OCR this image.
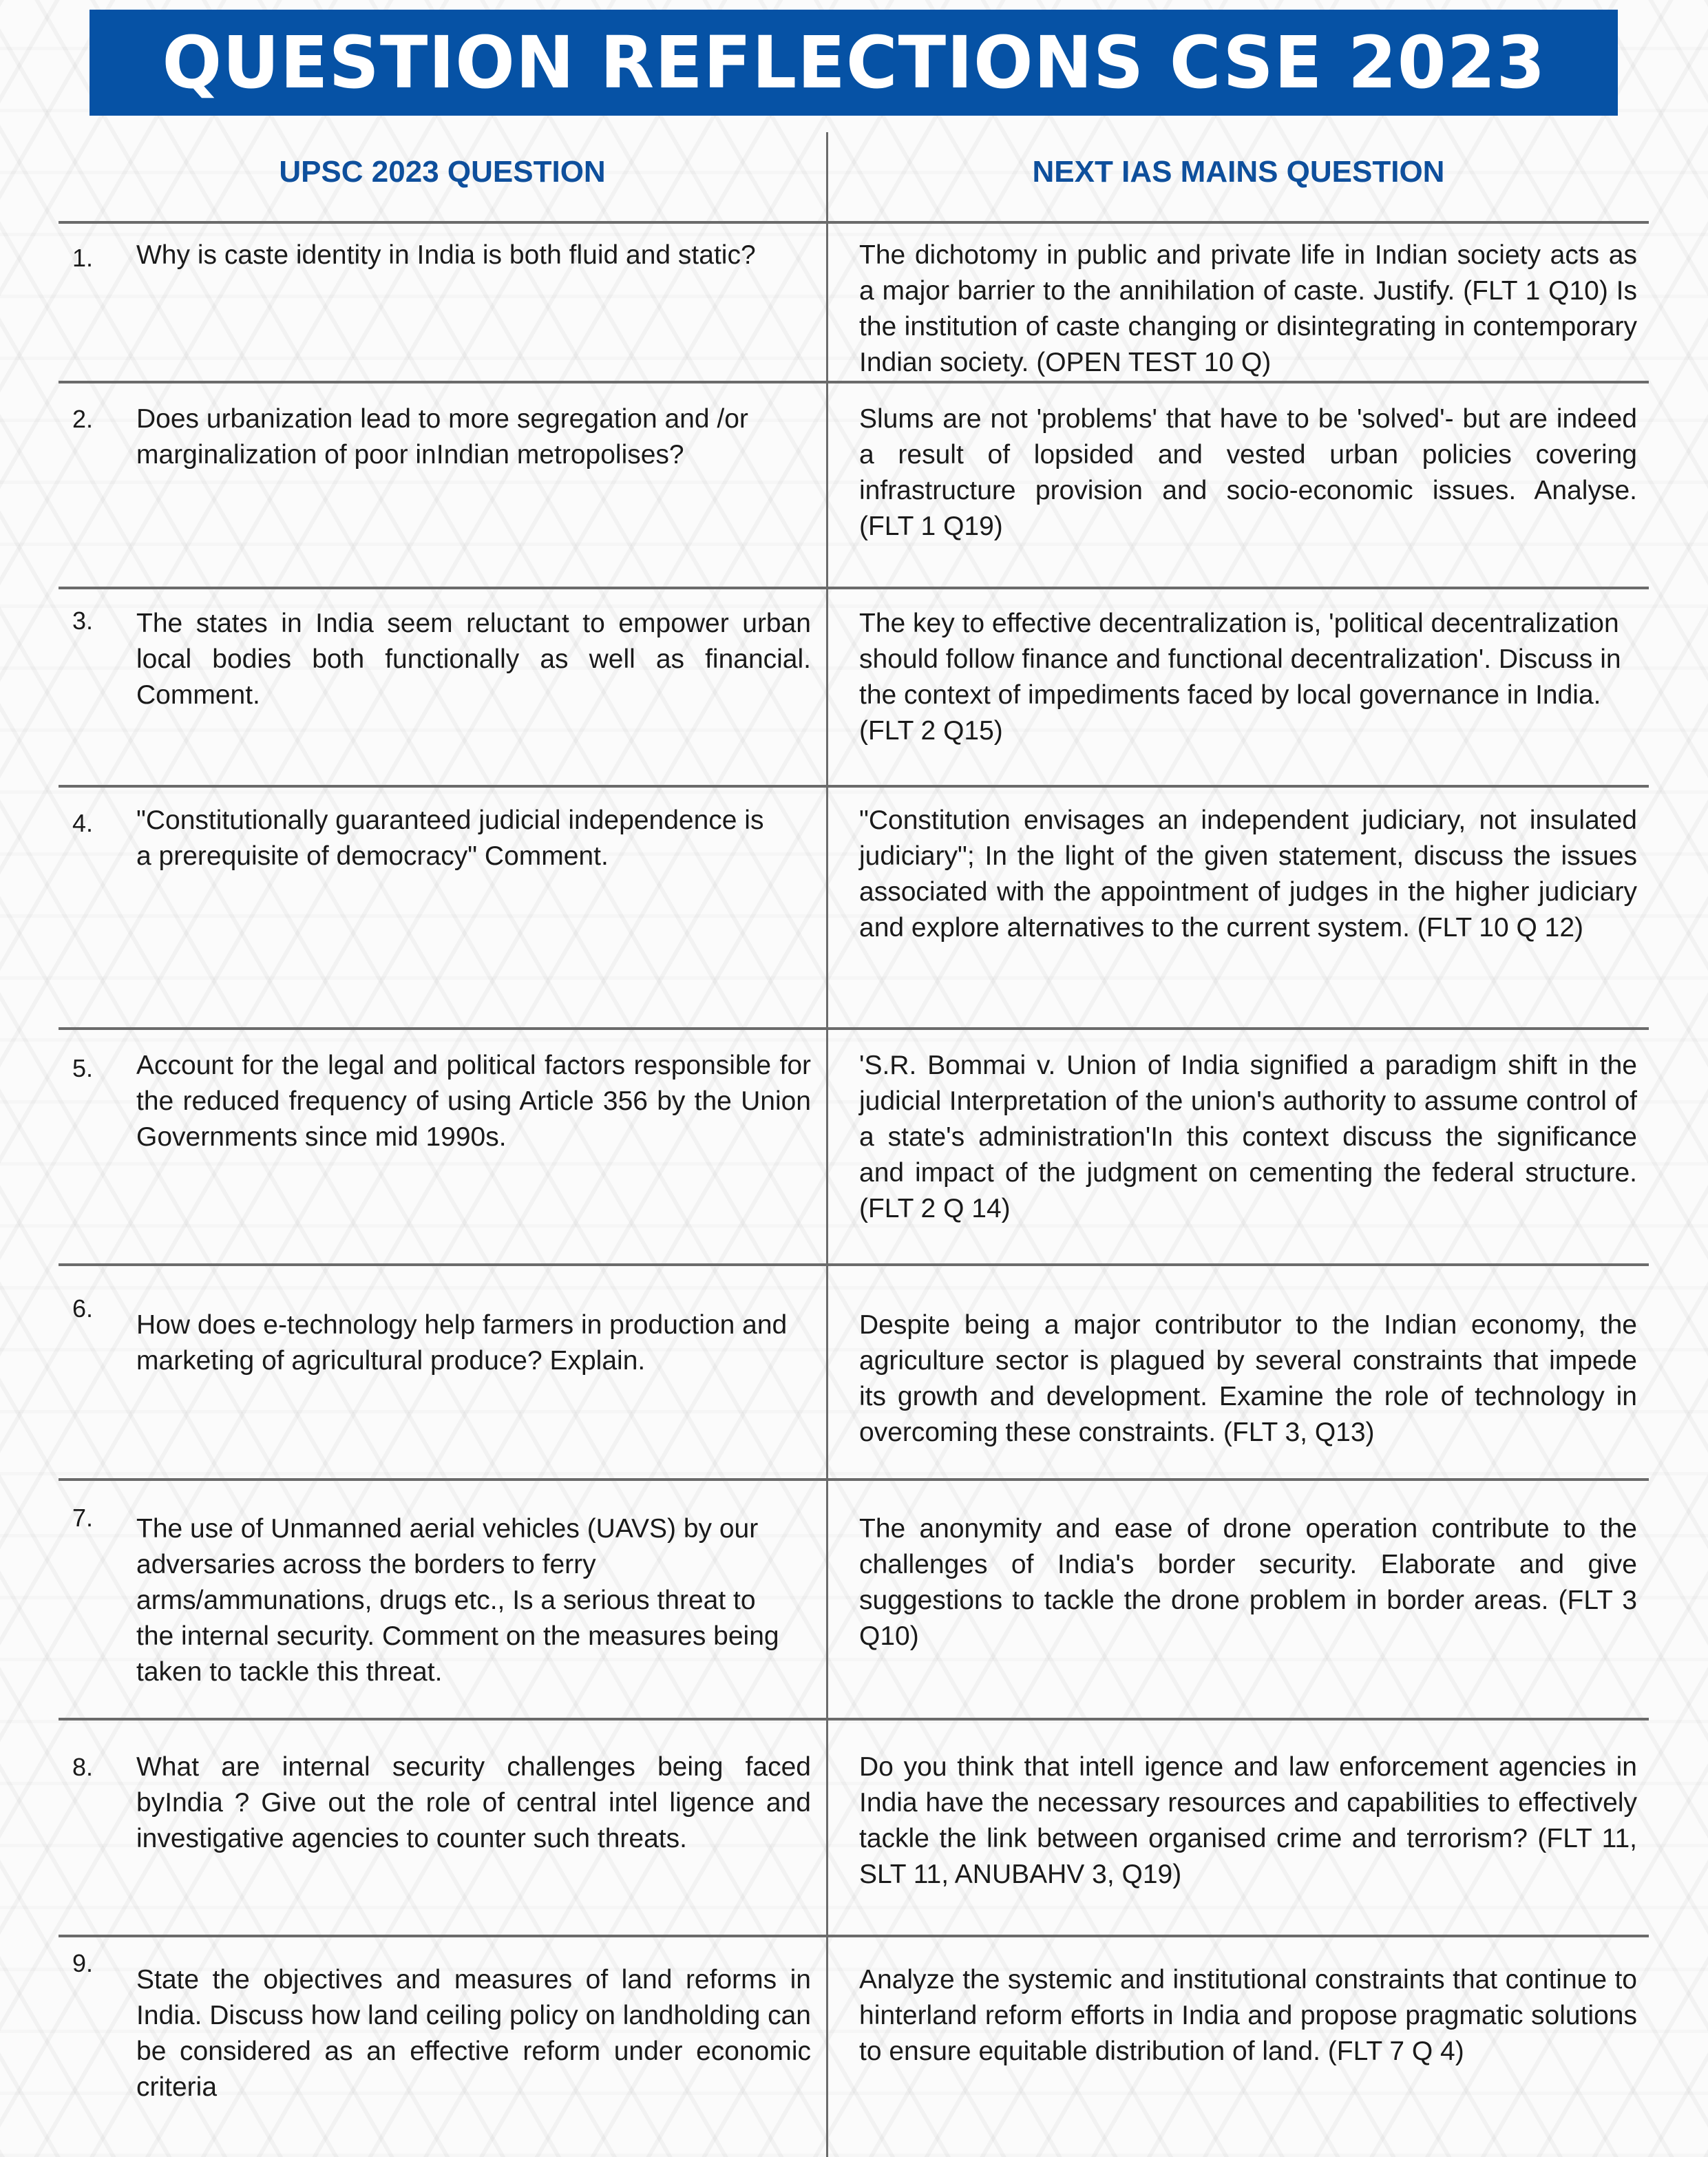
QUESTION REFLECTIONS CSE 2023
UPSC 2023 QUESTION	NEXT IAS MAINS QUESTION
1. Why is caste identity in India is both fluid and static?	The dichotomy in public and private life in Indian society acts as a major barrier to the annihilation of caste. Justify. (FLT 1 Q10) Is the institution of caste changing or disintegrating in contemporary Indian society. (OPEN TEST 10 Q)
2. Does urbanization lead to more segregation and /or marginalization of poor inIndian metropolises?
Slums are not 'problems' that have to be 'solved'- but are indeed a result of lopsided and vested urban policies covering infrastructure provision and socio-economic issues. Analyse. (FLT 1 Q19)
3. The states in India seem reluctant to empower urban local bodies both functionally as well as financial. Comment.
The key to effective decentralization is, 'political decentralization should follow finance and functional decentralization'. Discuss in the context of impediments faced by local governance in India. (FLT 2 Q15)
4. "Constitutionally guaranteed judicial independence is a prerequisite of democracy" Comment.
"Constitution envisages an independent judiciary, not insulated judiciary"; In the light of the given statement, discuss the issues associated with the appointment of judges in the higher judiciary and explore alternatives to the current system. (FLT 10 Q 12)
5. Account for the legal and political factors responsible for the reduced frequency of using Article 356 by the Union Governments since mid 1990s.
'S.R. Bommai v. Union of India signified a paradigm shift in the judicial Interpretation of the union's authority to assume control of a state's administration'In this context discuss the significance and impact of the judgment on cementing the federal structure. (FLT 2 Q 14)
6.
How does e-technology help farmers in production and marketing of agricultural produce? Explain.
Despite being a major contributor to the Indian economy, the agriculture sector is plagued by several constraints that impede its growth and development. Examine the role of technology in overcoming these constraints. (FLT 3, Q13)
7. The use of Unmanned aerial vehicles (UAVS) by our adversaries across the borders to ferry arms/ammunations, drugs etc., Is a serious threat to the internal security. Comment on the measures being taken to tackle this threat.
The anonymity and ease of drone operation contribute to the challenges of India's border security. Elaborate and give suggestions to tackle the drone problem in border areas. (FLT 3 Q10)
8. What are internal security challenges being faced byIndia ? Give out the role of central intel ligence and investigative agencies to counter such threats.
Do you think that intell igence and law enforcement agencies in India have the necessary resources and capabilities to effectively tackle the link between organised crime and terrorism? (FLT 11, SLT 11, ANUBAHV 3, Q19)
9.
State the objectives and measures of land reforms in India. Discuss how land ceiling policy on landholding can be considered as an effective reform under economic criteria
Analyze the systemic and institutional constraints that continue to hinterland reform efforts in India and propose pragmatic solutions to ensure equitable distribution of land. (FLT 7 Q 4)
